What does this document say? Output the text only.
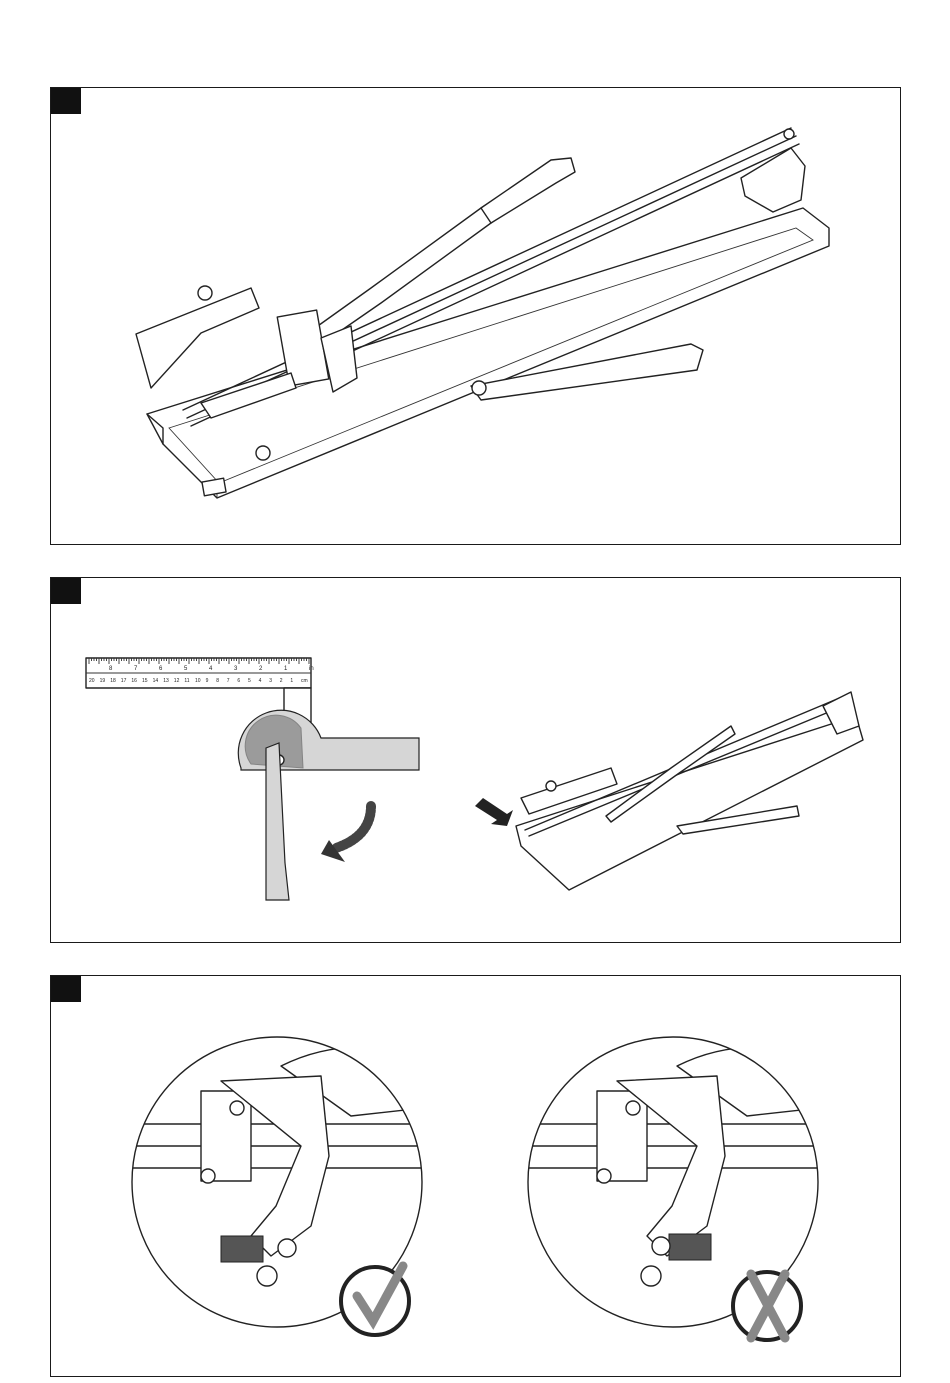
8	7	6	5	4	3	2	1	in
20 19 18 17 16 15 14 13 12 11 10 9 8 7 6 5 4 3 2 1 cm
